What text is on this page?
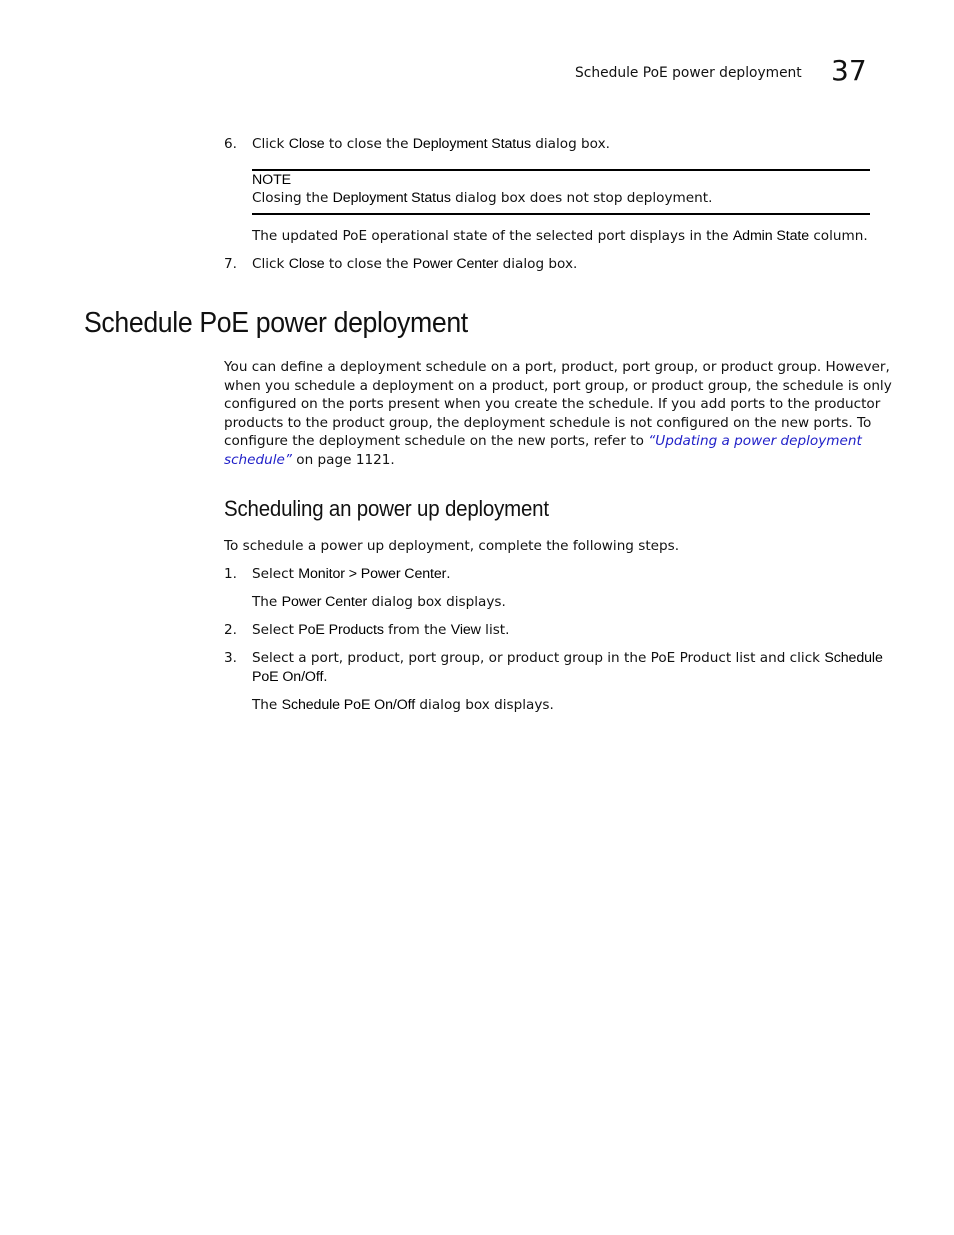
Schedule PoE power deployment 37
6. Click Close to close the Deployment Status dialog box.
NOTE
Closing the Deployment Status dialog box does not stop deployment.
The updated PoE operational state of the selected port displays in the Admin State column.
7. Click Close to close the Power Center dialog box.
Schedule PoE power deployment
You can define a deployment schedule on a port, product, port group, or product group. However,
when you schedule a deployment on a product, port group, or product group, the schedule is only
configured on the ports present when you create the schedule. If you add ports to the productor
products to the product group, the deployment schedule is not configured on the new ports. To
configure the deployment schedule on the new ports, refer to “Updating a power deployment
schedule” on page 1121.
Scheduling an power up deployment
To schedule a power up deployment, complete the following steps.
1. Select Monitor > Power Center.
The Power Center dialog box displays.
2. Select PoE Products from the View list.
3. Select a port, product, port group, or product group in the PoE Product list and click Schedule
PoE On/Off.
The Schedule PoE On/Off dialog box displays.
